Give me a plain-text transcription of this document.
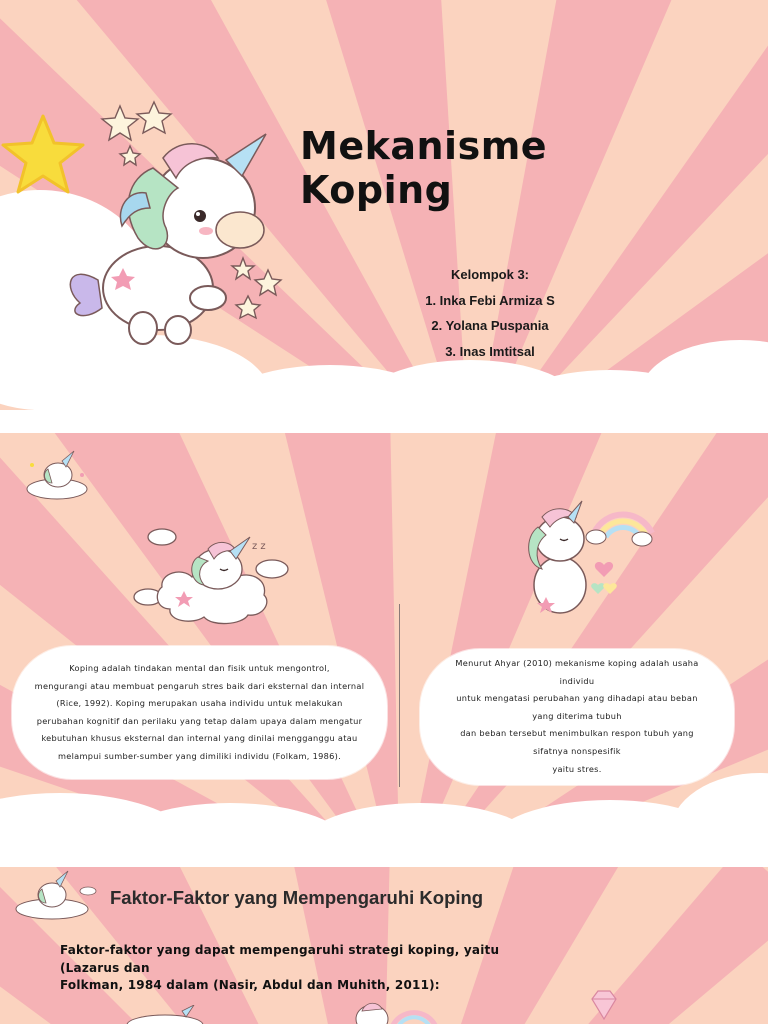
Mekanisme Koping
Kelompok 3:
1. Inka Febi Armiza S
2. Yolana Puspania
3. Inas Imtitsal
z z

Koping adalah tindakan mental dan fisik untuk mengontrol,

mengurangi atau membuat pengaruh stres baik dari eksternal dan internal

(Rice, 1992). Koping merupakan usaha individu untuk melakukan

perubahan kognitif dan perilaku yang tetap dalam upaya dalam mengatur

kebutuhan khusus eksternal dan internal yang dinilai mengganggu atau

melampui sumber-sumber yang dimiliki individu (Folkam, 1986).

Menurut Ahyar (2010) mekanisme koping adalah usaha

individu

untuk mengatasi perubahan yang dihadapi atau beban

yang diterima tubuh

dan beban tersebut menimbulkan respon tubuh yang

sifatnya nonspesifik

yaitu stres.

Faktor-Faktor yang Mempengaruhi Koping
Faktor-faktor yang dapat mempengaruhi strategi koping, yaitu (Lazarus dan
Folkman, 1984 dalam (Nasir, Abdul dan Muhith, 2011):
